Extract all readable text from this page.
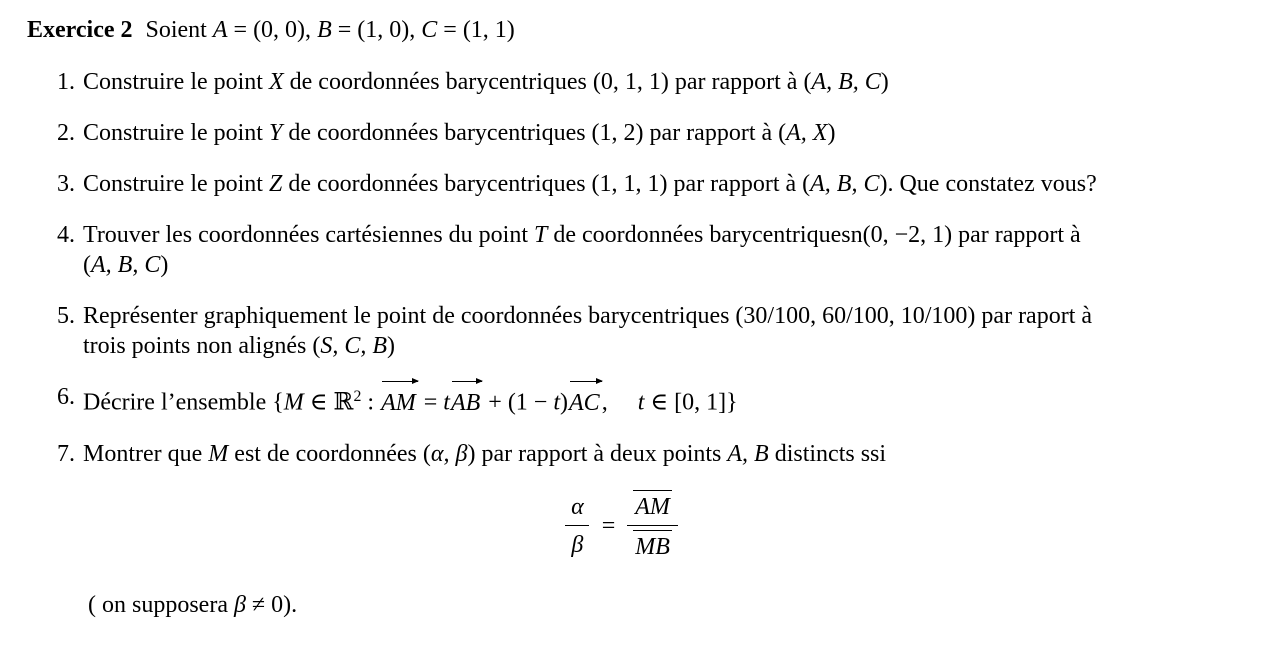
Exercice 2 Soient A = (0, 0), B = (1, 0), C = (1, 1)
1. Construire le point X de coordonnées barycentriques (0, 1, 1) par rapport à (A, B, C)
2. Construire le point Y de coordonnées barycentriques (1, 2) par rapport à (A, X)
3. Construire le point Z de coordonnées barycentriques (1, 1, 1) par rapport à (A, B, C). Que constatez vous?
4. Trouver les coordonnées cartésiennes du point T de coordonnées barycentriquesn(0, −2, 1) par rapport à
(A, B, C)
5. Représenter graphiquement le point de coordonnées barycentriques (30/100, 60/100, 10/100) par raport à
trois points non alignés (S, C, B)
6. Décrire l’ensemble {M ∈ ℝ$^2$ :
AM = t
AB + (1 − t)
AC, t ∈ [0, 1]}
7. Montrer que M est de coordonnées (α, β) par rapport à deux points A, B distincts ssi
$\frac{\alpha}{\beta} = \frac{AM}{MB}$
( on supposera β ≠ 0).
